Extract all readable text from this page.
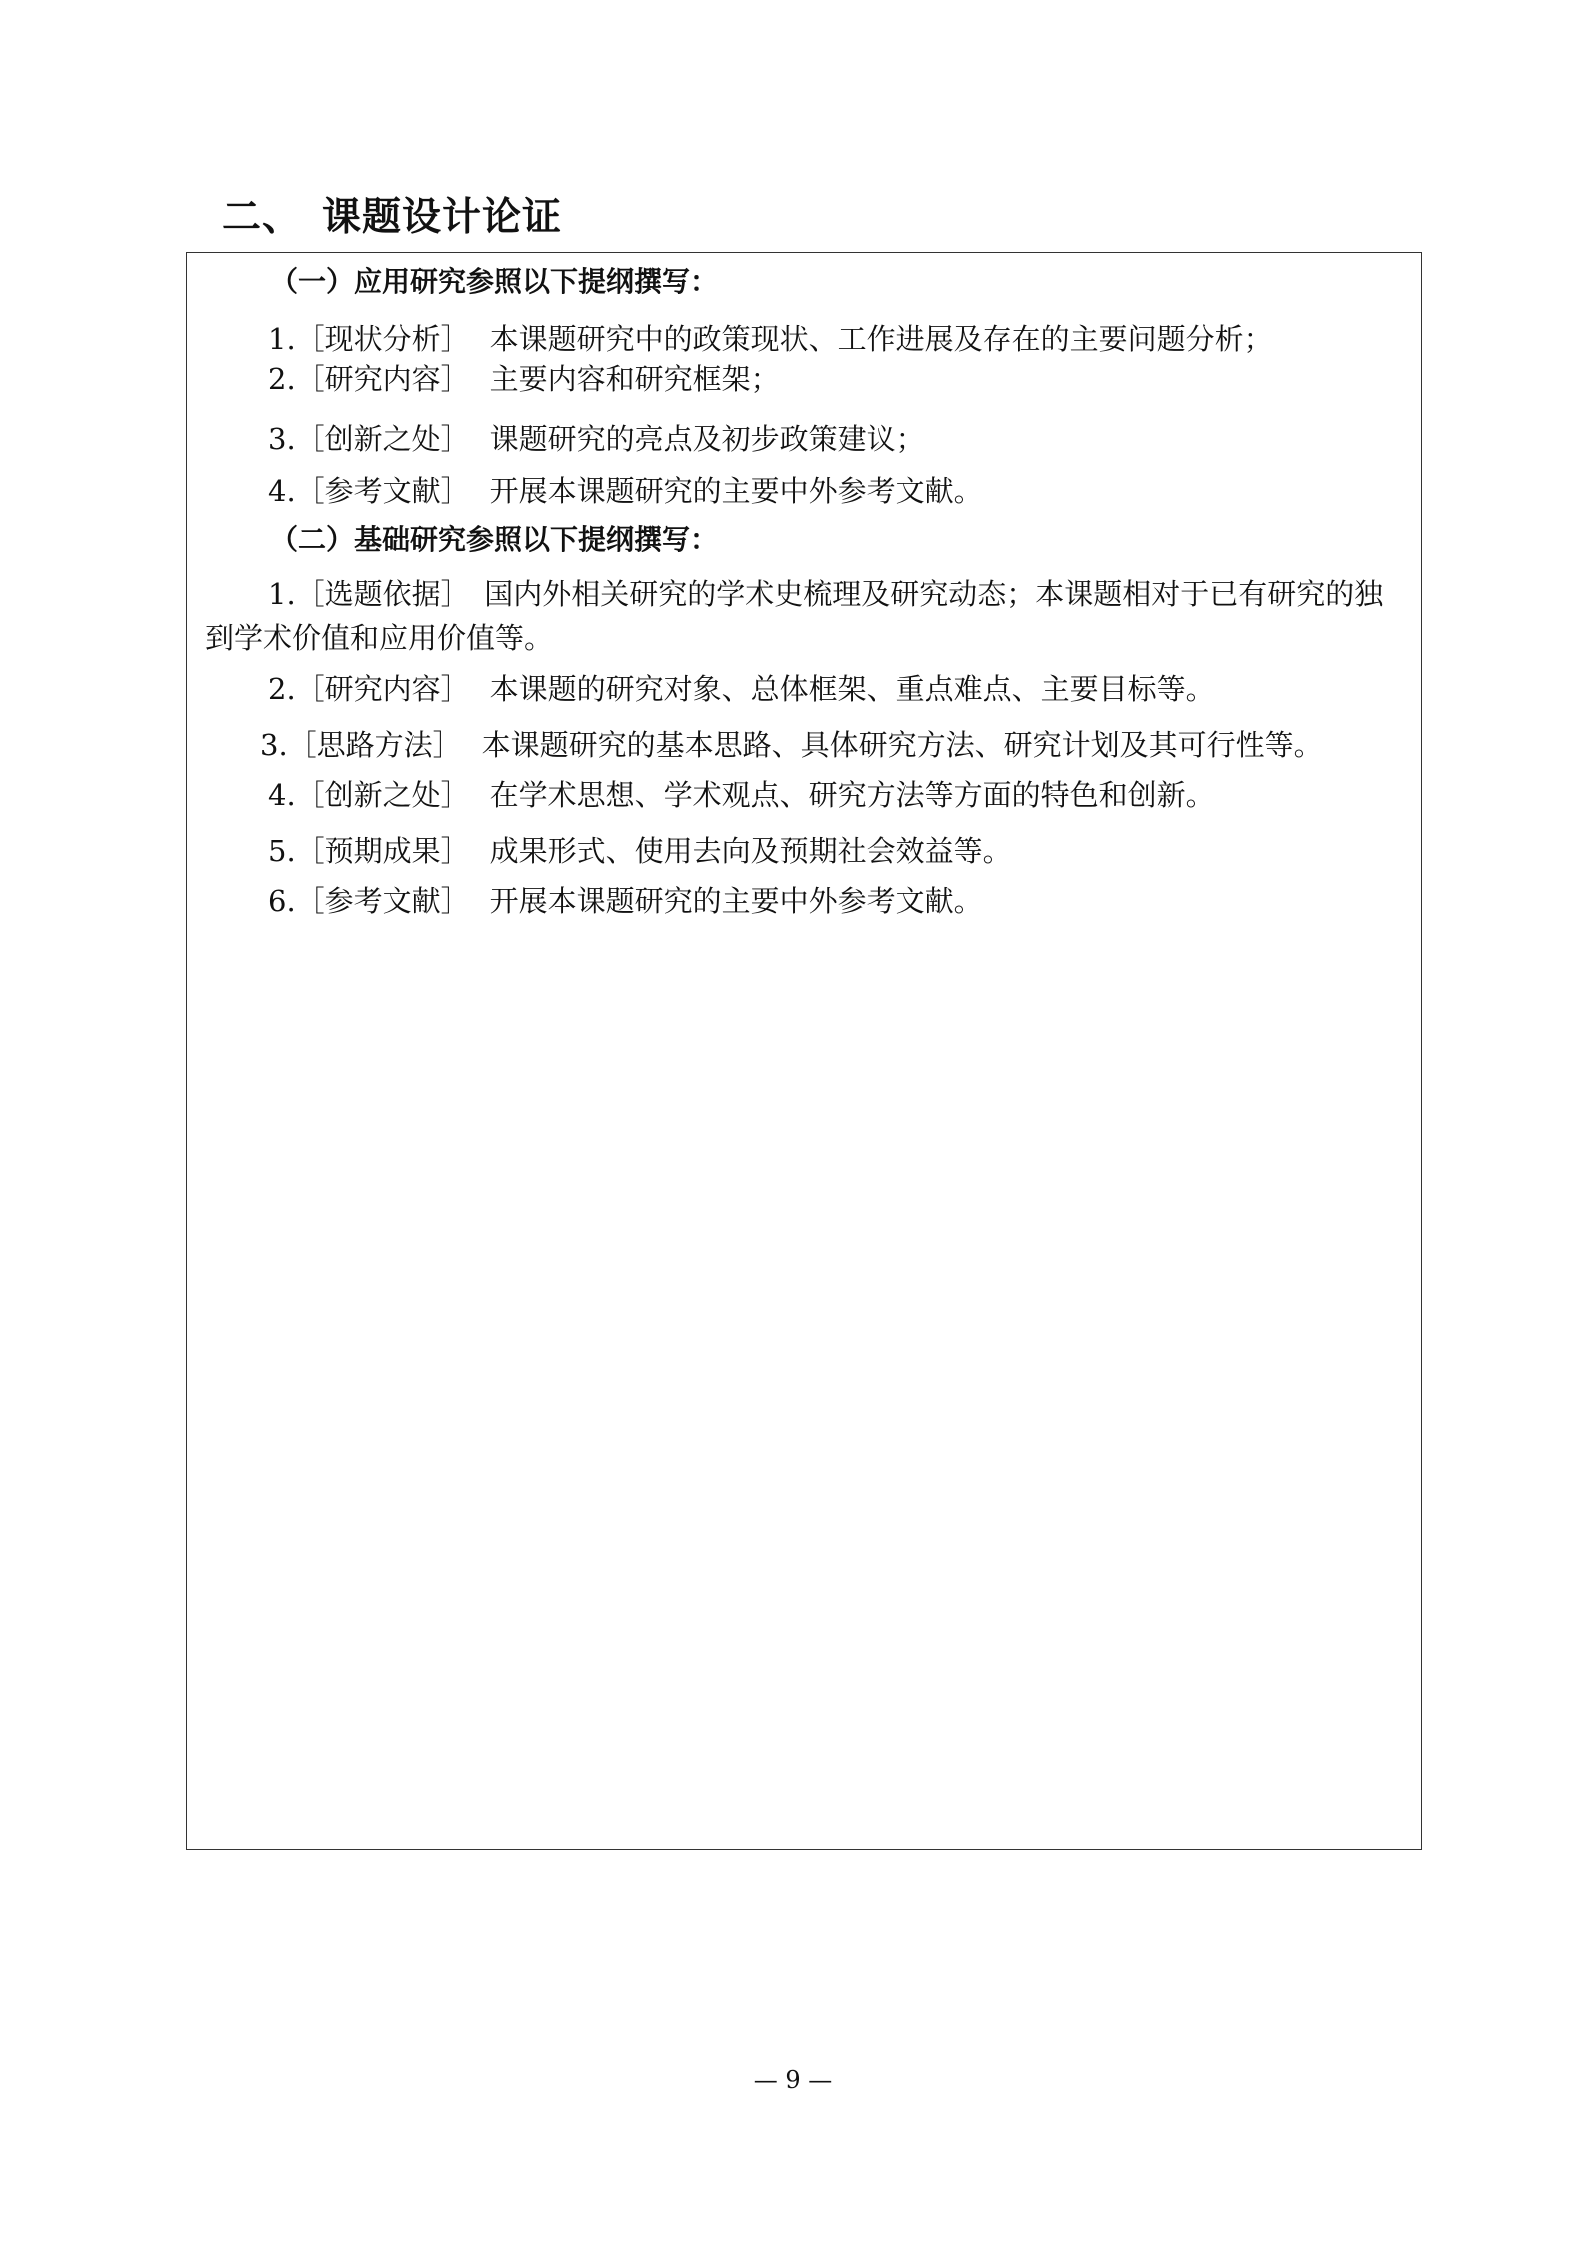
二、 课题设计论证
（一）应用研究参照以下提纲撰写：
1.［现状分析］ 本课题研究中的政策现状、工作进展及存在的主要问题分析；
2.［研究内容］ 主要内容和研究框架；
3.［创新之处］ 课题研究的亮点及初步政策建议；
4.［参考文献］ 开展本课题研究的主要中外参考文献。
（二）基础研究参照以下提纲撰写：
1.［选题依据］　 国内外相关研究的学术史梳理及研究动态；本课题相对于已有研究的独到学术价值和应用价值等。
2.［研究内容］ 本课题的研究对象、总体框架、重点难点、主要目标等。
3.［思路方法］ 本课题研究的基本思路、具体研究方法、研究计划及其可行性等。
4.［创新之处］ 在学术思想、学术观点、研究方法等方面的特色和创新。
5.［预期成果］ 成果形式、使用去向及预期社会效益等。
6.［参考文献］ 开展本课题研究的主要中外参考文献。
— 9 —
